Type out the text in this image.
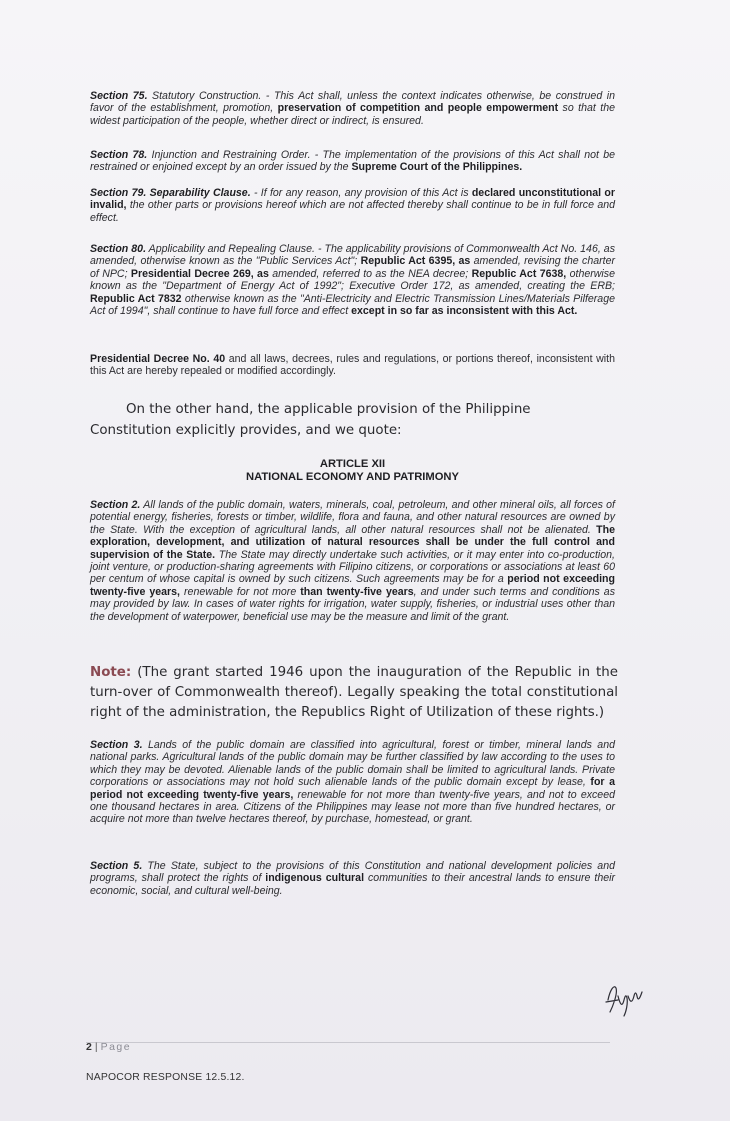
Section 75. Statutory Construction. - This Act shall, unless the context indicates otherwise, be construed in favor of the establishment, promotion, preservation of competition and people empowerment so that the widest participation of the people, whether direct or indirect, is ensured.

Section 78. Injunction and Restraining Order. - The implementation of the provisions of this Act shall not be restrained or enjoined except by an order issued by the Supreme Court of the Philippines.

Section 79. Separability Clause. - If for any reason, any provision of this Act is declared unconstitutional or invalid, the other parts or provisions hereof which are not affected thereby shall continue to be in full force and effect.

Section 80. Applicability and Repealing Clause. - The applicability provisions of Commonwealth Act No. 146, as amended, otherwise known as the "Public Services Act"; Republic Act 6395, as amended, revising the charter of NPC; Presidential Decree 269, as amended, referred to as the NEA decree; Republic Act 7638, otherwise known as the "Department of Energy Act of 1992"; Executive Order 172, as amended, creating the ERB; Republic Act 7832 otherwise known as the "Anti-Electricity and Electric Transmission Lines/Materials Pilferage Act of 1994", shall continue to have full force and effect except in so far as inconsistent with this Act.

Presidential Decree No. 40 and all laws, decrees, rules and regulations, or portions thereof, inconsistent with this Act are hereby repealed or modified accordingly.

On the other hand, the applicable provision of the Philippine Constitution explicitly provides, and we quote:

ARTICLE XII
NATIONAL ECONOMY AND PATRIMONY

Section 2. All lands of the public domain, waters, minerals, coal, petroleum, and other mineral oils, all forces of potential energy, fisheries, forests or timber, wildlife, flora and fauna, and other natural resources are owned by the State. With the exception of agricultural lands, all other natural resources shall not be alienated. The exploration, development, and utilization of natural resources shall be under the full control and supervision of the State. The State may directly undertake such activities, or it may enter into co-production, joint venture, or production-sharing agreements with Filipino citizens, or corporations or associations at least 60 per centum of whose capital is owned by such citizens. Such agreements may be for a period not exceeding twenty-five years, renewable for not more than twenty-five years, and under such terms and conditions as may provided by law. In cases of water rights for irrigation, water supply, fisheries, or industrial uses other than the development of waterpower, beneficial use may be the measure and limit of the grant.

Note: (The grant started 1946 upon the inauguration of the Republic in the turn-over of Commonwealth thereof). Legally speaking the total constitutional right of the administration, the Republics Right of Utilization of these rights.)

Section 3. Lands of the public domain are classified into agricultural, forest or timber, mineral lands and national parks. Agricultural lands of the public domain may be further classified by law according to the uses to which they may be devoted. Alienable lands of the public domain shall be limited to agricultural lands. Private corporations or associations may not hold such alienable lands of the public domain except by lease, for a period not exceeding twenty-five years, renewable for not more than twenty-five years, and not to exceed one thousand hectares in area. Citizens of the Philippines may lease not more than five hundred hectares, or acquire not more than twelve hectares thereof, by purchase, homestead, or grant.

Section 5. The State, subject to the provisions of this Constitution and national development policies and programs, shall protect the rights of indigenous cultural communities to their ancestral lands to ensure their economic, social, and cultural well-being.

2 | Page
NAPOCOR RESPONSE 12.5.12.
